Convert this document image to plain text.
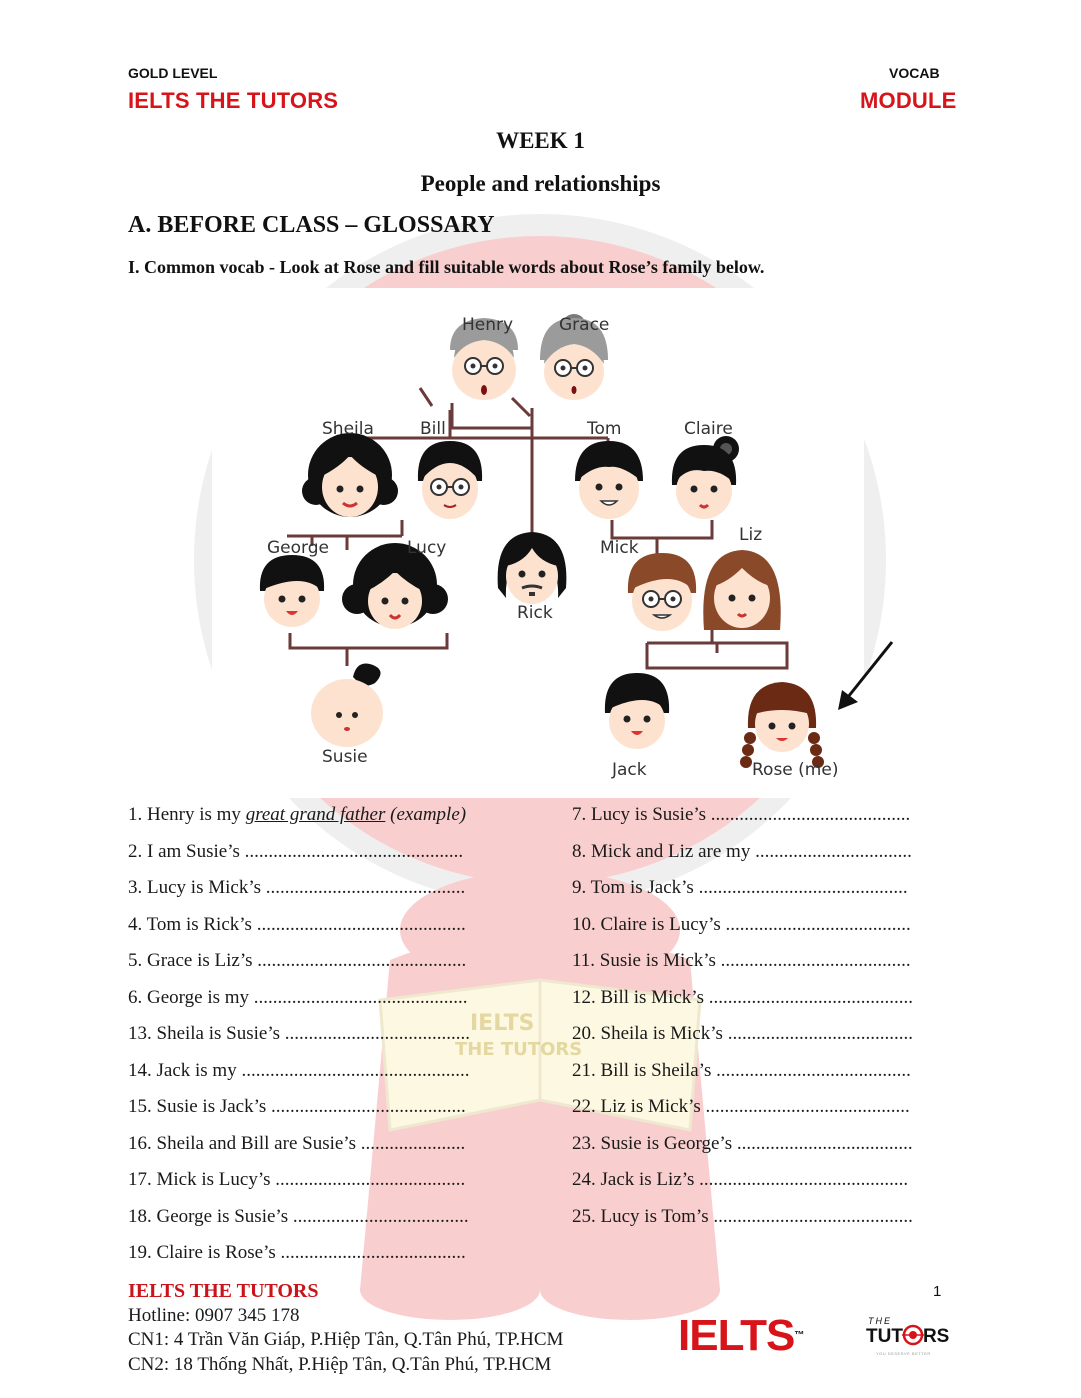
IELTS
THE TUTORS
GOLD LEVEL
IELTS THE TUTORS
VOCAB
MODULE
WEEK 1
People and relationships
A. BEFORE CLASS – GLOSSARY
I. Common vocab - Look at Rose and fill suitable words about Rose’s family below.
Henry	Grace
Sheila	Bill	Tom	Claire
George	Lucy
Rick
Mick
Liz
Susie
Jack	Rose (me)
1. Henry is my great grand father (example)
2. I am Susie’s ..............................................
3. Lucy is Mick’s ..........................................
4. Tom is Rick’s ............................................
5. Grace is Liz’s ............................................
6. George is my .............................................
13. Sheila is Susie’s .......................................
14. Jack is my ................................................
15. Susie is Jack’s .........................................
16. Sheila and Bill are Susie’s ......................
17. Mick is Lucy’s ........................................
18. George is Susie’s .....................................
19. Claire is Rose’s .......................................
7. Lucy is Susie’s ..........................................
8. Mick and Liz are my .................................
9. Tom is Jack’s ............................................
10. Claire is Lucy’s .......................................
11. Susie is Mick’s ........................................
12. Bill is Mick’s ...........................................
20. Sheila is Mick’s .......................................
21. Bill is Sheila’s .........................................
22. Liz is Mick’s ...........................................
23. Susie is George’s .....................................
24. Jack is Liz’s ............................................
25. Lucy is Tom’s ..........................................
IELTS THE TUTORS
Hotline: 0907 345 178
CN1: 4 Trần Văn Giáp, P.Hiệp Tân, Q.Tân Phú, TP.HCM
CN2: 18 Thống Nhất, P.Hiệp Tân, Q.Tân Phú, TP.HCM
1
IELTS™
THE
TUT RS
YOU DESERVE BETTER
